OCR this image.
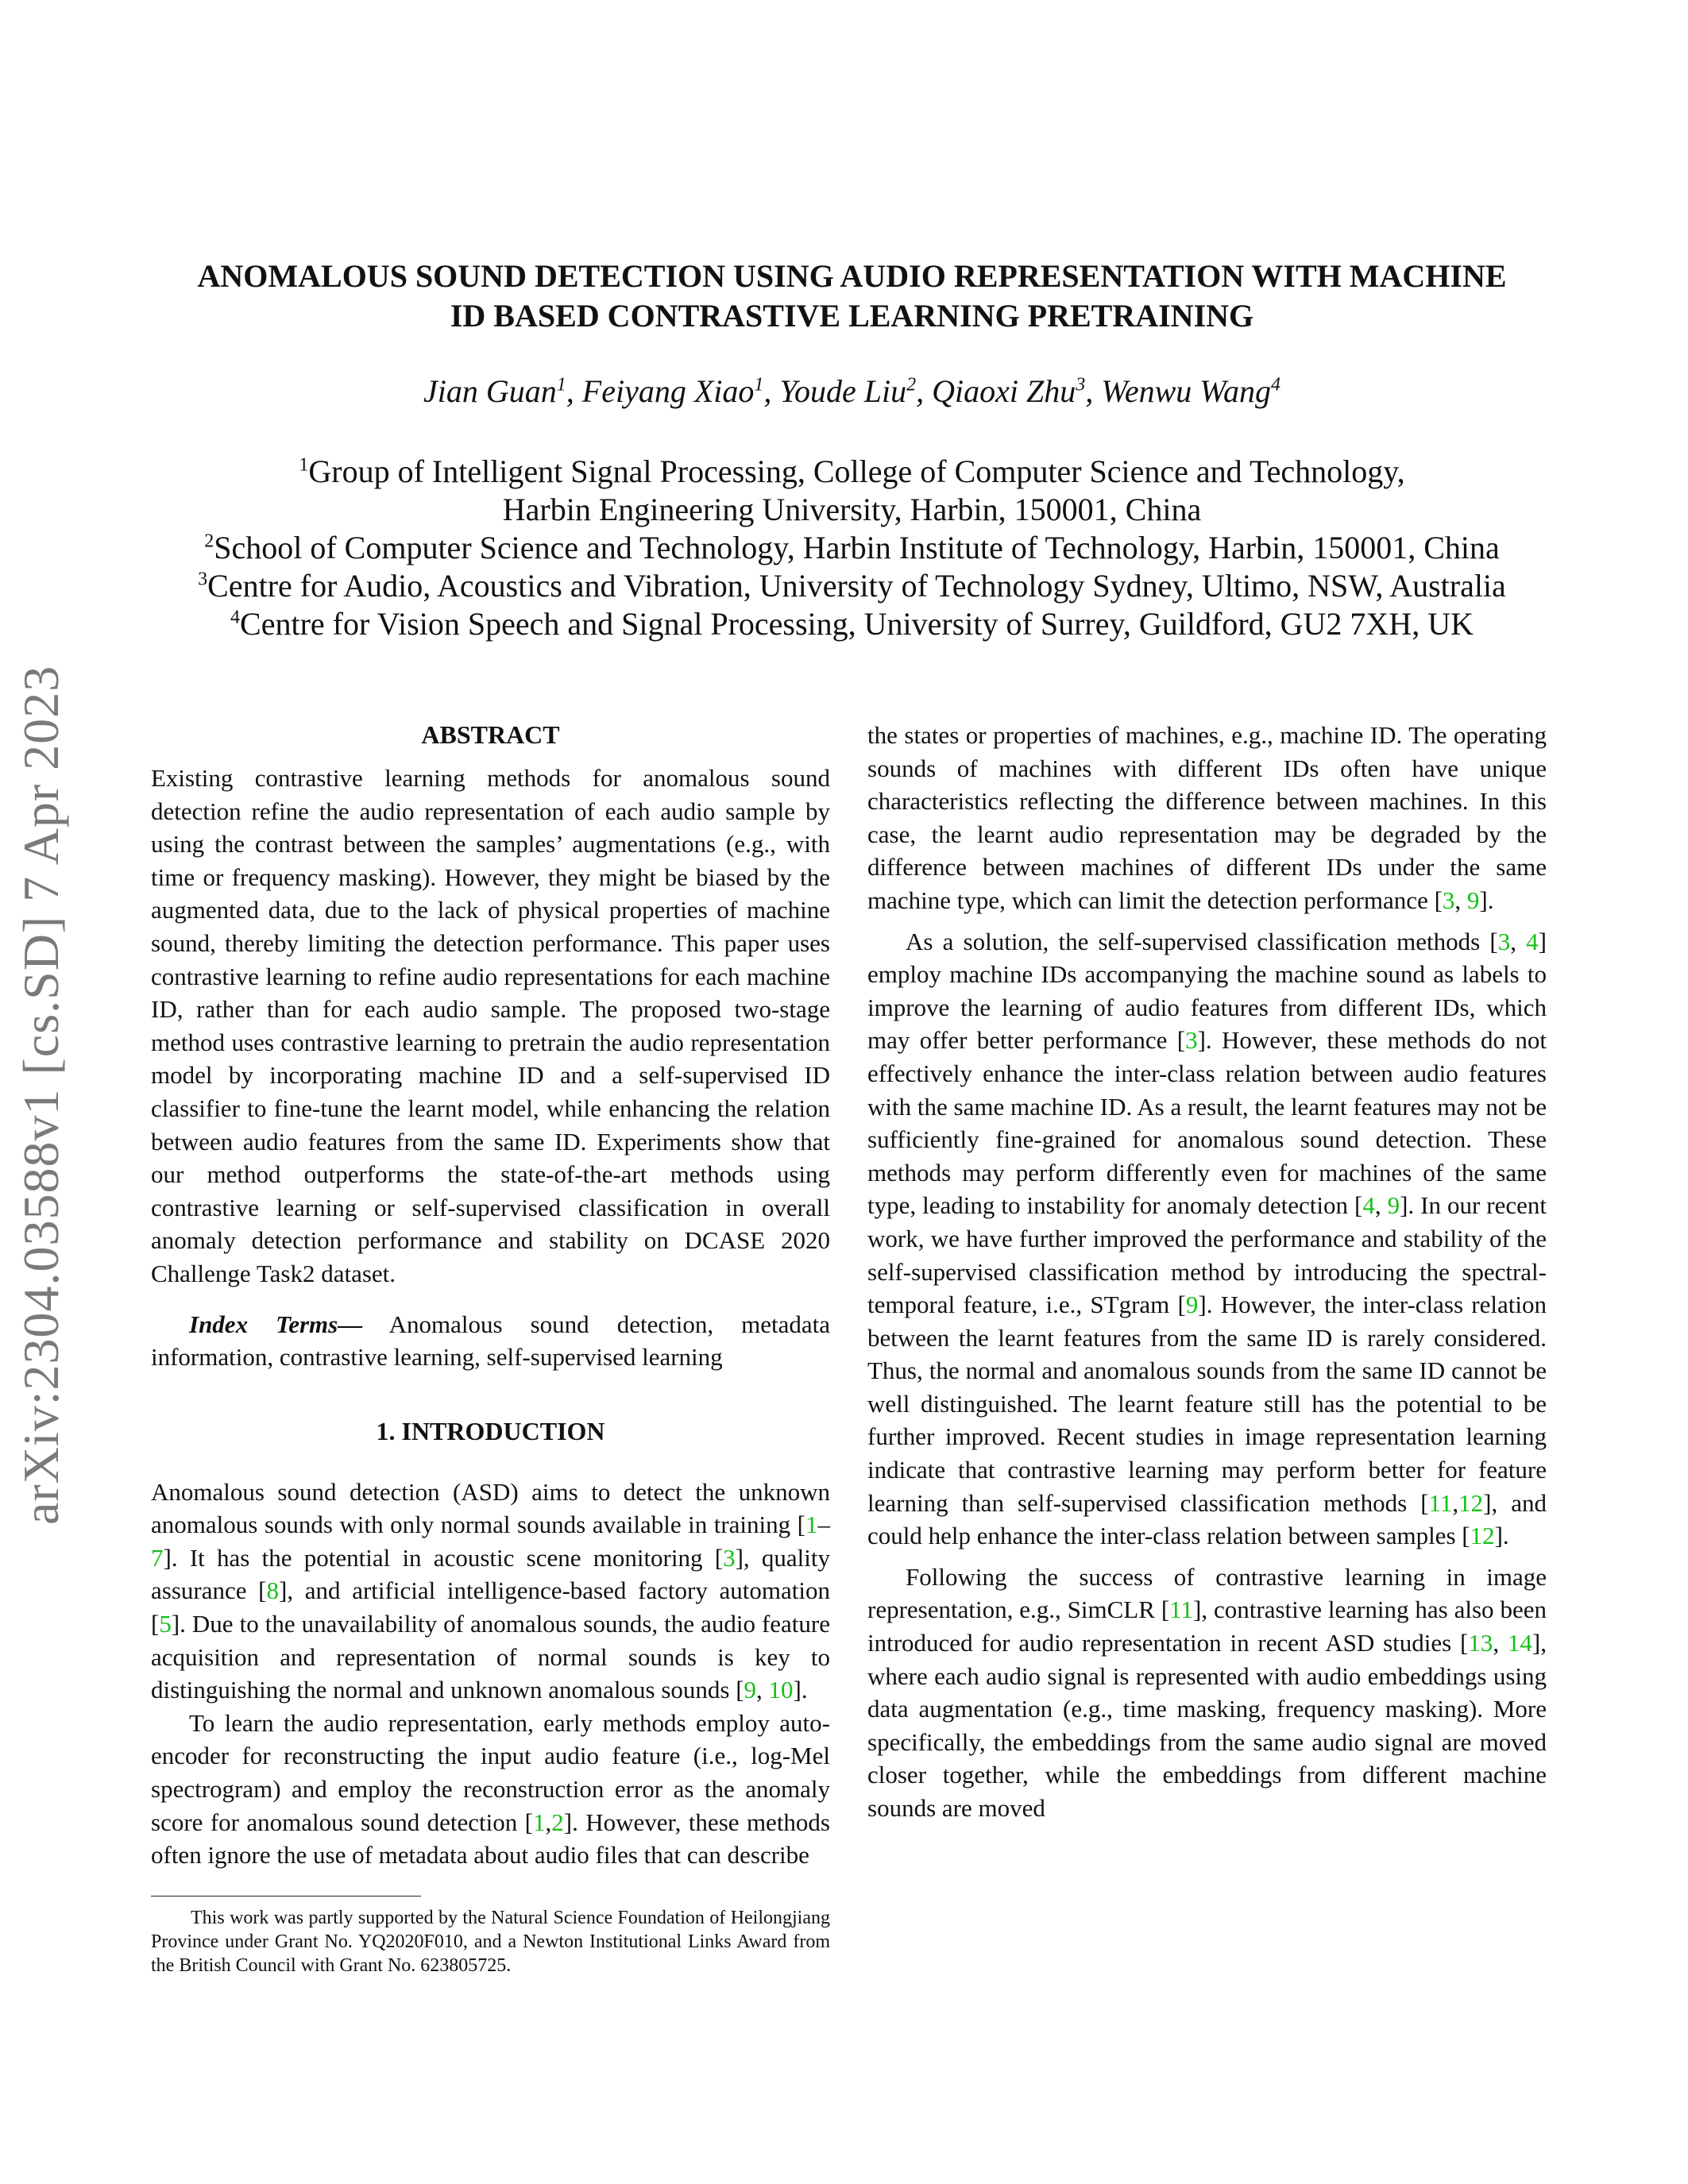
arXiv:2304.03588v1 [cs.SD] 7 Apr 2023
ANOMALOUS SOUND DETECTION USING AUDIO REPRESENTATION WITH MACHINE
ID BASED CONTRASTIVE LEARNING PRETRAINING
Jian Guan$^1$, Feiyang Xiao$^1$, Youde Liu$^2$, Qiaoxi Zhu$^3$, Wenwu Wang$^4$
$^1$Group of Intelligent Signal Processing, College of Computer Science and Technology,
Harbin Engineering University, Harbin, 150001, China
$^2$School of Computer Science and Technology, Harbin Institute of Technology, Harbin, 150001, China
$^3$Centre for Audio, Acoustics and Vibration, University of Technology Sydney, Ultimo, NSW, Australia
$^4$Centre for Vision Speech and Signal Processing, University of Surrey, Guildford, GU2 7XH, UK
ABSTRACT

Existing contrastive learning methods for anomalous sound detection refine the audio representation of each audio sample by using the contrast between the samples’ augmentations (e.g., with time or frequency masking). However, they might be biased by the augmented data, due to the lack of physical properties of machine sound, thereby limiting the detection performance. This paper uses contrastive learning to refine audio representations for each machine ID, rather than for each audio sample. The proposed two-stage method uses contrastive learning to pretrain the audio representation model by incorporating machine ID and a self-supervised ID classifier to fine-tune the learnt model, while enhancing the relation between audio features from the same ID. Experiments show that our method outperforms the state-of-the-art methods using contrastive learning or self-supervised classification in overall anomaly detection performance and stability on DCASE 2020 Challenge Task2 dataset.

Index Terms— Anomalous sound detection, metadata information, contrastive learning, self-supervised learning

1. INTRODUCTION

Anomalous sound detection (ASD) aims to detect the unknown anomalous sounds with only normal sounds available in training [1–7]. It has the potential in acoustic scene monitoring [3], quality assurance [8], and artificial intelligence-based factory automation [5]. Due to the unavailability of anomalous sounds, the audio feature acquisition and representation of normal sounds is key to distinguishing the normal and unknown anomalous sounds [9, 10].

To learn the audio representation, early methods employ auto-encoder for reconstructing the input audio feature (i.e., log-Mel spectrogram) and employ the reconstruction error as the anomaly score for anomalous sound detection [1,2]. However, these methods often ignore the use of metadata about audio files that can describe

This work was partly supported by the Natural Science Foundation of Heilongjiang Province under Grant No. YQ2020F010, and a Newton Institutional Links Award from the British Council with Grant No. 623805725.

the states or properties of machines, e.g., machine ID. The operating sounds of machines with different IDs often have unique characteristics reflecting the difference between machines. In this case, the learnt audio representation may be degraded by the difference between machines of different IDs under the same machine type, which can limit the detection performance [3, 9].

As a solution, the self-supervised classification methods [3, 4] employ machine IDs accompanying the machine sound as labels to improve the learning of audio features from different IDs, which may offer better performance [3]. However, these methods do not effectively enhance the inter-class relation between audio features with the same machine ID. As a result, the learnt features may not be sufficiently fine-grained for anomalous sound detection. These methods may perform differently even for machines of the same type, leading to instability for anomaly detection [4, 9]. In our recent work, we have further improved the performance and stability of the self-supervised classification method by introducing the spectral-temporal feature, i.e., STgram [9]. However, the inter-class relation between the learnt features from the same ID is rarely considered. Thus, the normal and anomalous sounds from the same ID cannot be well distinguished. The learnt feature still has the potential to be further improved. Recent studies in image representation learning indicate that contrastive learning may perform better for feature learning than self-supervised classification methods [11,12], and could help enhance the inter-class relation between samples [12].

Following the success of contrastive learning in image representation, e.g., SimCLR [11], contrastive learning has also been introduced for audio representation in recent ASD studies [13, 14], where each audio signal is represented with audio embeddings using data augmentation (e.g., time masking, frequency masking). More specifically, the embeddings from the same audio signal are moved closer together, while the embeddings from different machine sounds are moved
